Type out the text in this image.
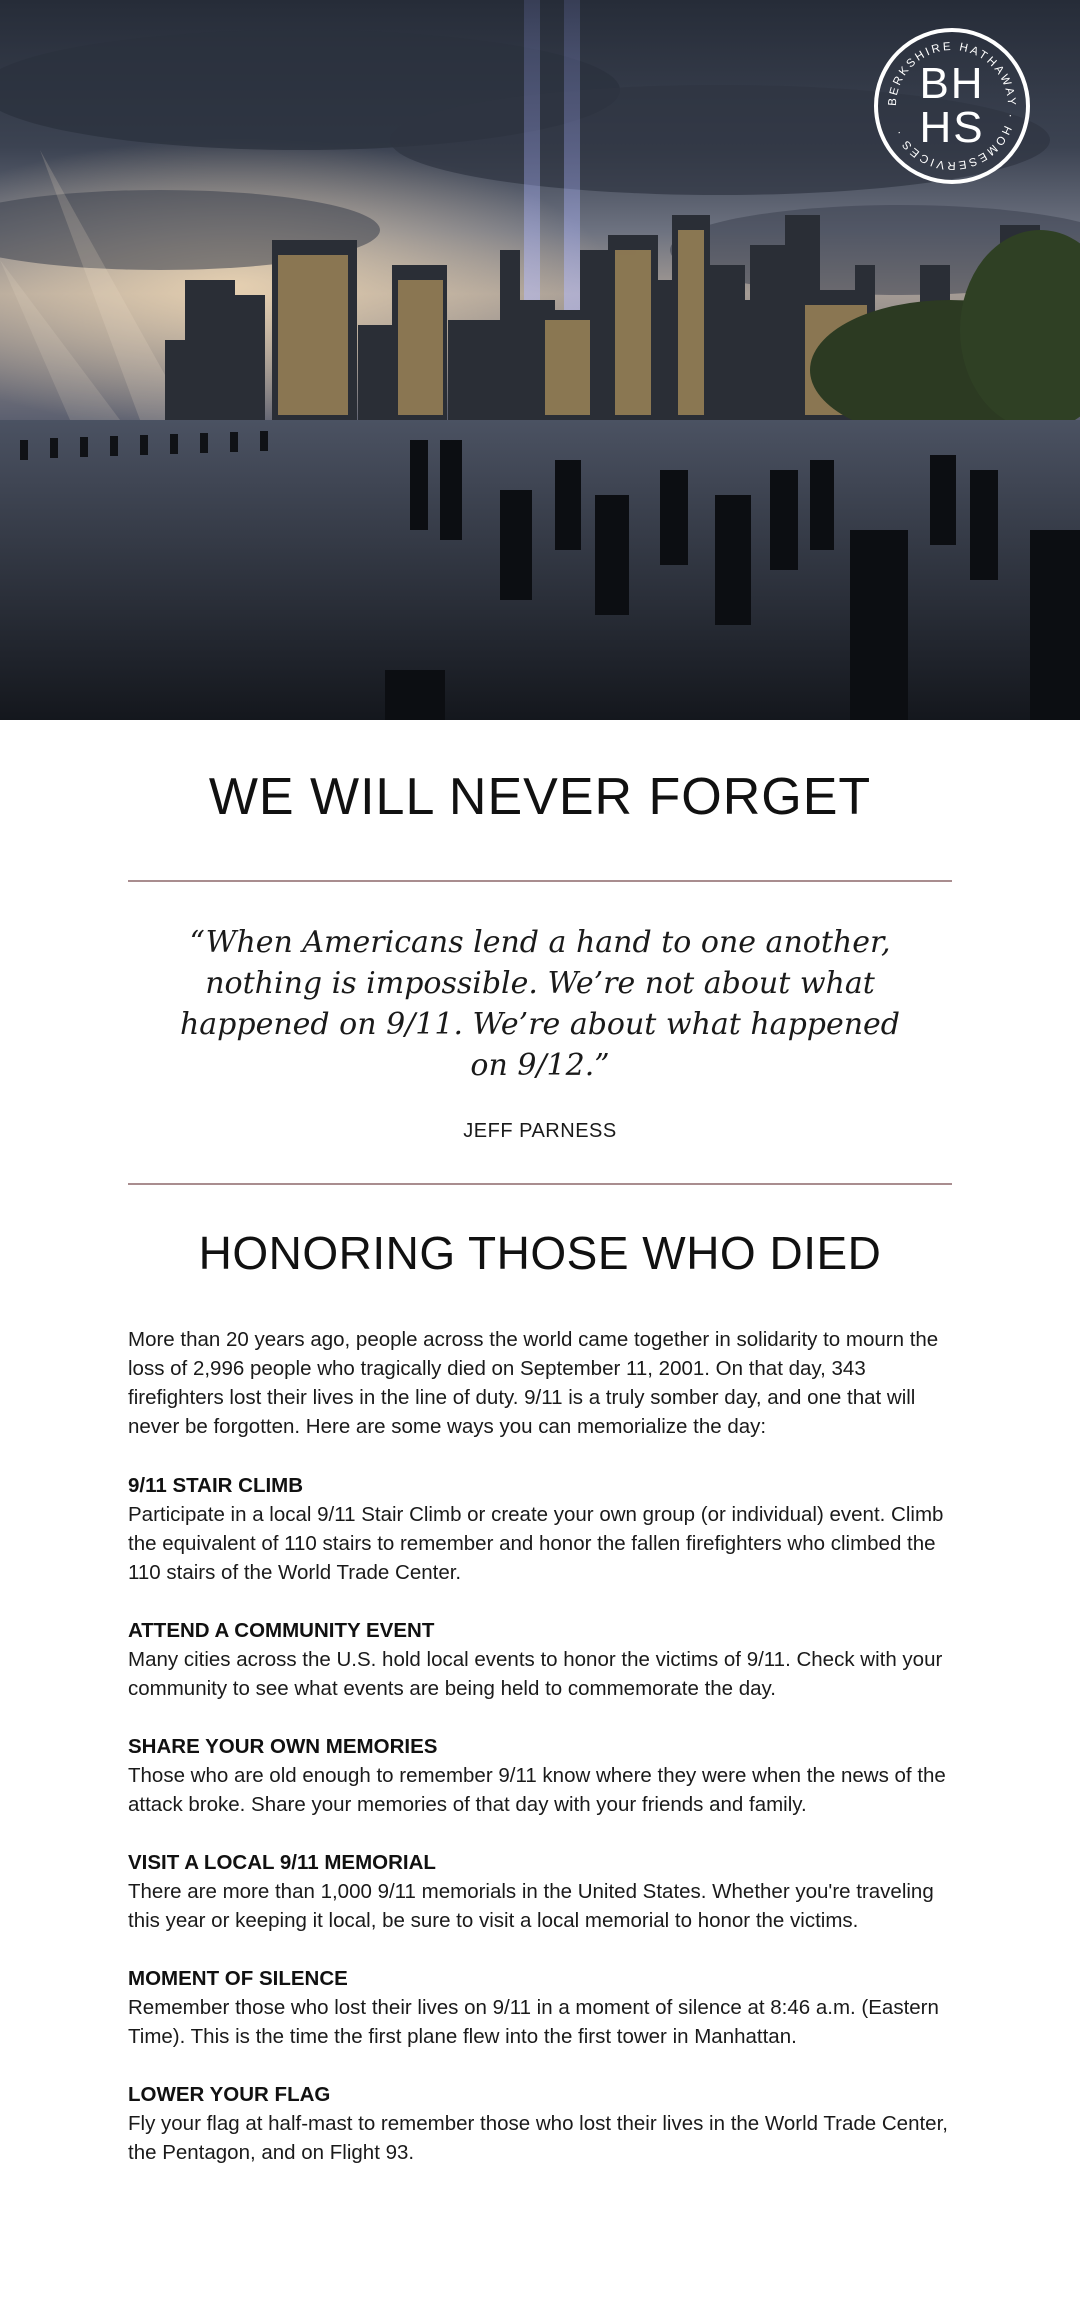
BERKSHIRE HATHAWAY · HOMESERVICES ·
BH
HS
WE WILL NEVER FORGET
“When Americans lend a hand to one another, nothing is impossible. We’re not about what happened on 9/11. We’re about what happened on 9/12.”
JEFF PARNESS
HONORING THOSE WHO DIED

More than 20 years ago, people across the world came together in solidarity to mourn the loss of 2,996 people who tragically died on September 11, 2001. On that day, 343 firefighters lost their lives in the line of duty. 9/11 is a truly somber day, and one that will never be forgotten. Here are some ways you can memorialize the day:

9/11 STAIR CLIMB
Participate in a local 9/11 Stair Climb or create your own group (or individual) event. Climb the equivalent of 110 stairs to remember and honor the fallen firefighters who climbed the 110 stairs of the World Trade Center.
ATTEND A COMMUNITY EVENT
Many cities across the U.S. hold local events to honor the victims of 9/11. Check with your community to see what events are being held to commemorate the day.
SHARE YOUR OWN MEMORIES
Those who are old enough to remember 9/11 know where they were when the news of the attack broke. Share your memories of that day with your friends and family.
VISIT A LOCAL 9/11 MEMORIAL
There are more than 1,000 9/11 memorials in the United States. Whether you're traveling this year or keeping it local, be sure to visit a local memorial to honor the victims.
MOMENT OF SILENCE
Remember those who lost their lives on 9/11 in a moment of silence at 8:46 a.m. (Eastern Time). This is the time the first plane flew into the first tower in Manhattan.
LOWER YOUR FLAG
Fly your flag at half-mast to remember those who lost their lives in the World Trade Center, the Pentagon, and on Flight 93.
